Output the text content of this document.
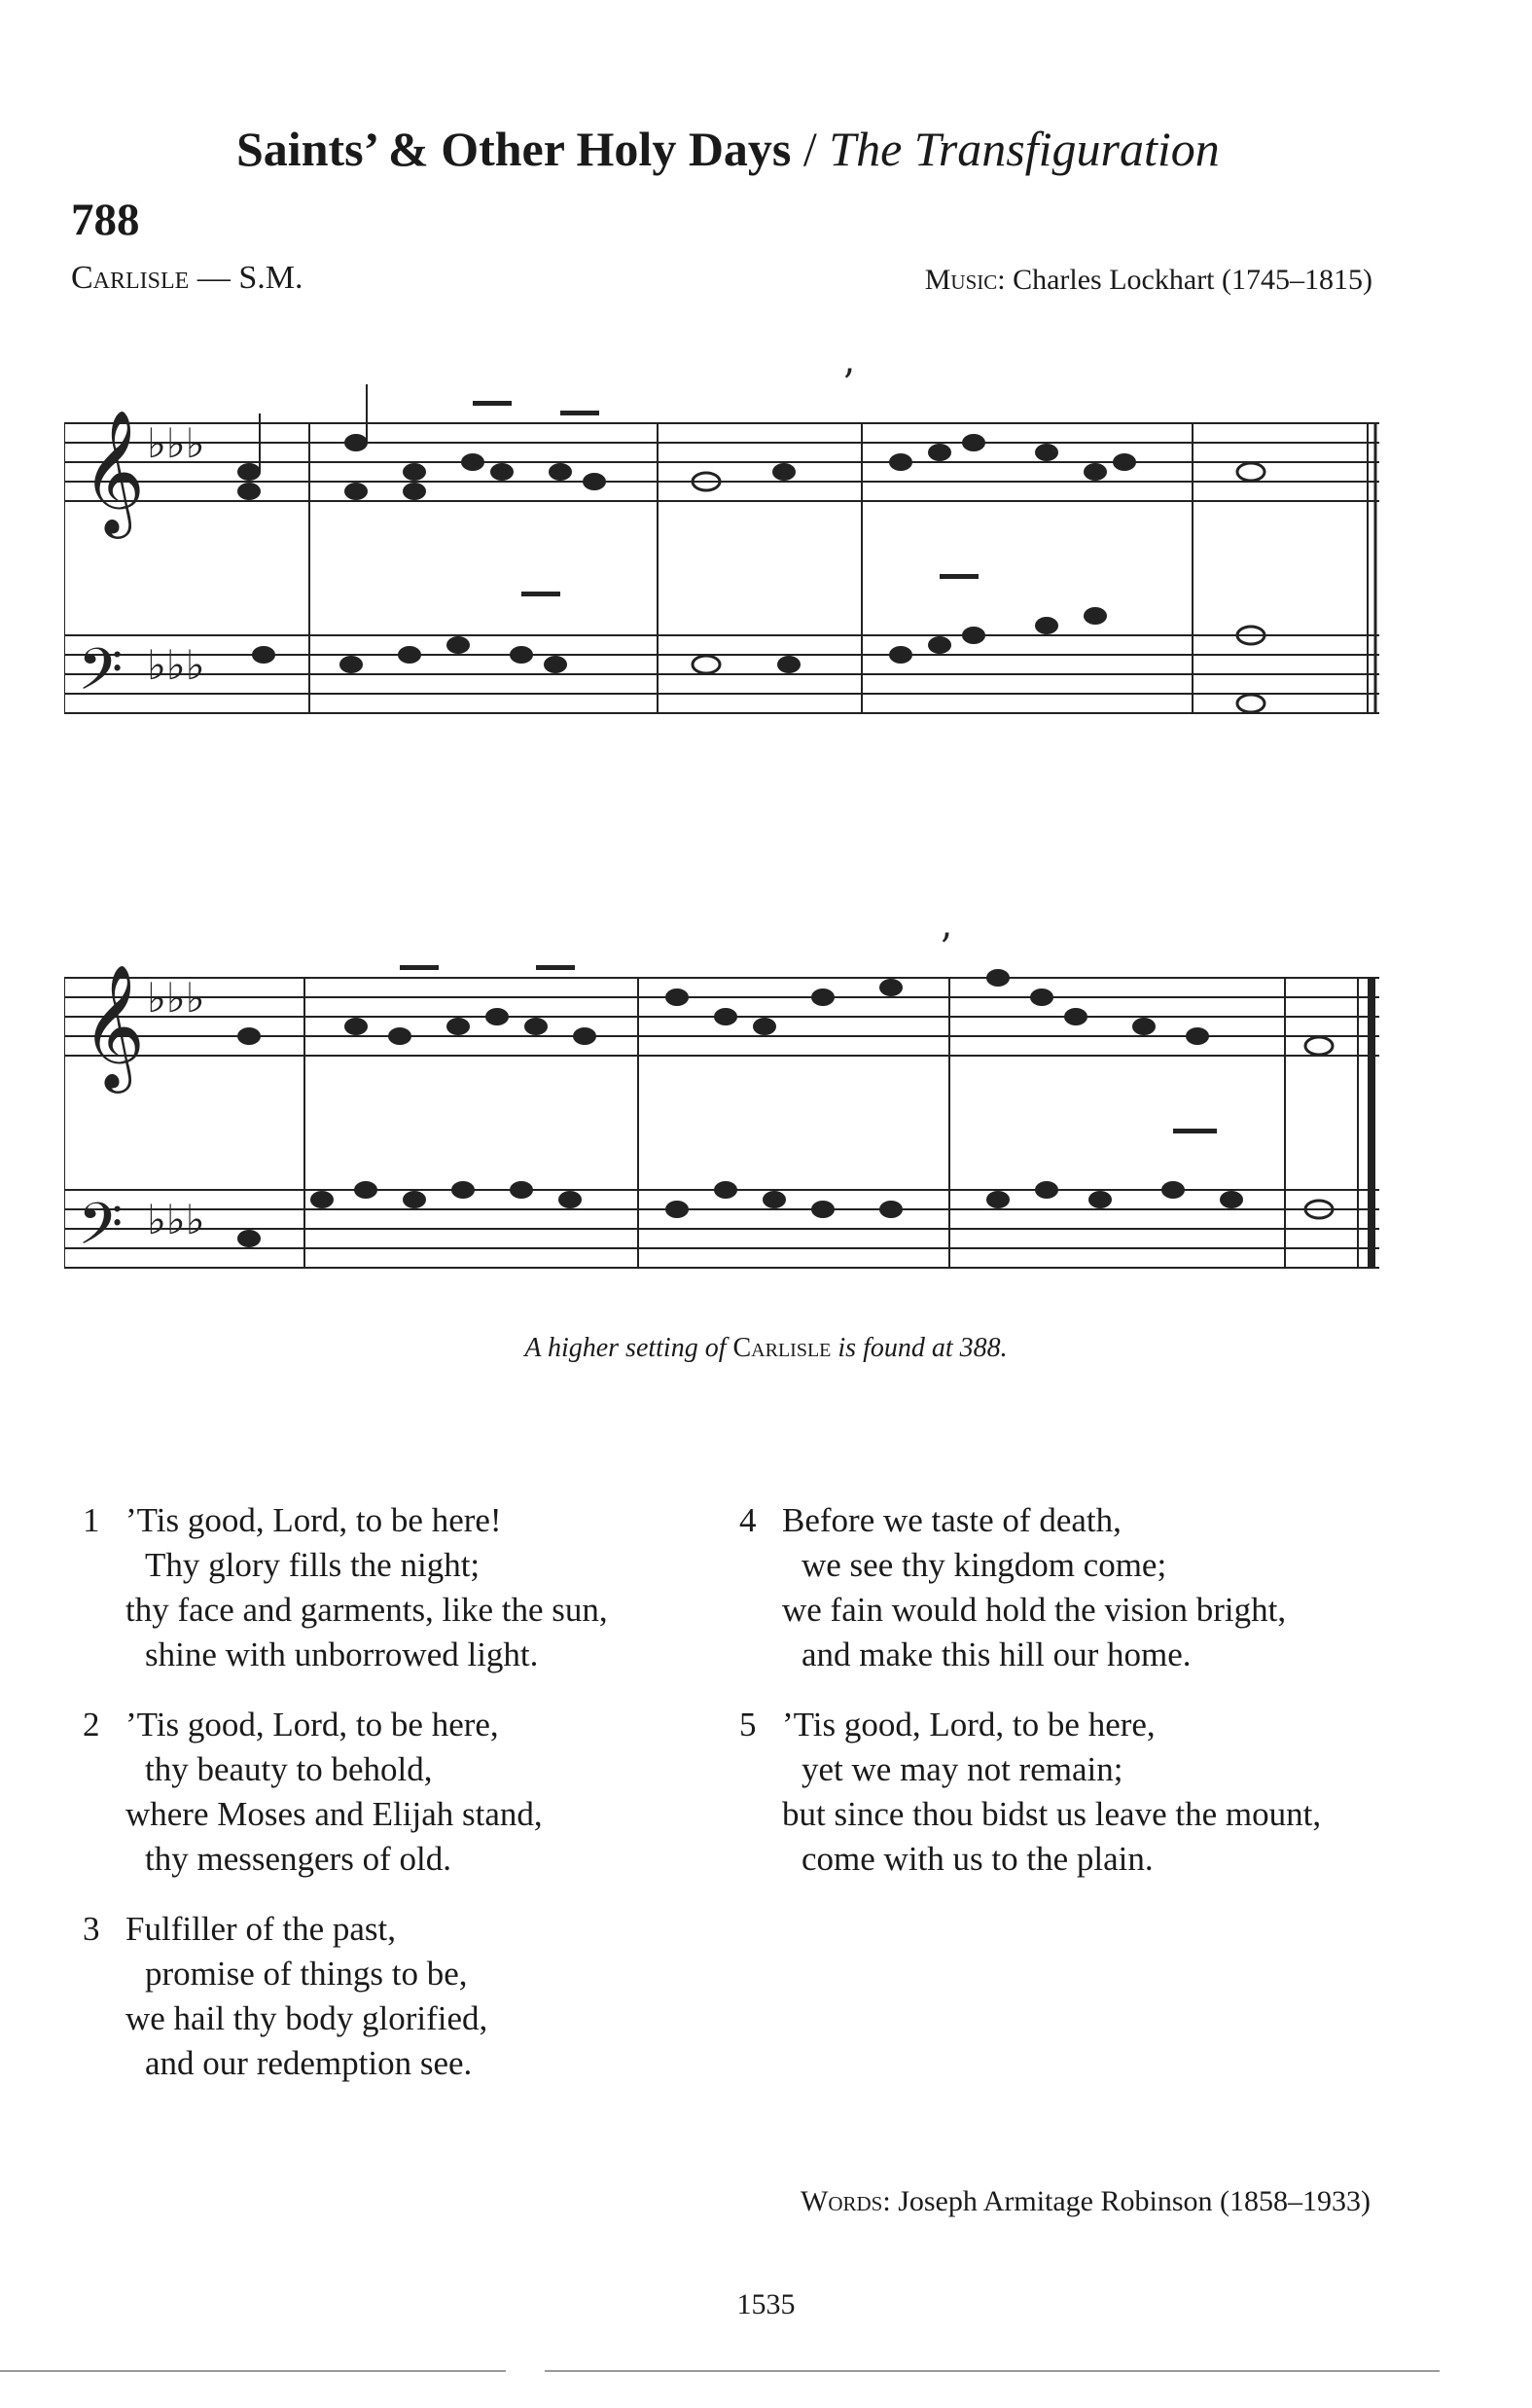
Saints’ & Other Holy Days / The Transfiguration
788
Carlisle — S.M.	Music: Charles Lockhart (1745–1815)
𝄞
𝄢
♭♭♭
♭♭♭
’
𝄞
𝄢
♭♭♭
♭♭♭
’
A higher setting of Carlisle is found at 388.
1 ’Tis good, Lord, to be here!
Thy glory fills the night;
thy face and garments, like the sun,
shine with unborrowed light.
2 ’Tis good, Lord, to be here,
thy beauty to behold,
where Moses and Elijah stand,
thy messengers of old.
3 Fulfiller of the past,
promise of things to be,
we hail thy body glorified,
and our redemption see.
4 Before we taste of death,
we see thy kingdom come;
we fain would hold the vision bright,
and make this hill our home.
5 ’Tis good, Lord, to be here,
yet we may not remain;
but since thou bidst us leave the mount,
come with us to the plain.
Words: Joseph Armitage Robinson (1858–1933)
1535
